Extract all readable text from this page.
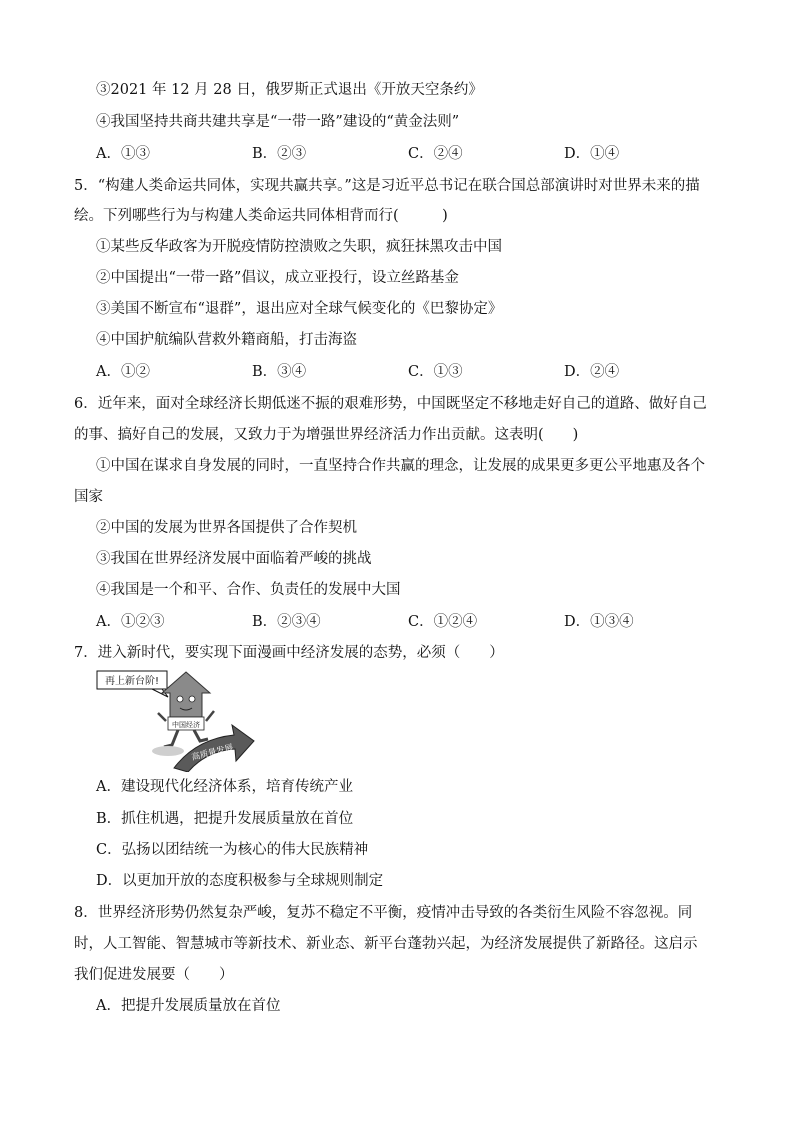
③2021 年 12 月 28 日，俄罗斯正式退出《开放天空条约》
④我国坚持共商共建共享是“一带一路”建设的“黄金法则”
A．①③	B．②③	C．②④	D．①④
5．“构建人类命运共同体，实现共赢共享。”这是习近平总书记在联合国总部演讲时对世界未来的描
绘。下列哪些行为与构建人类命运共同体相背而行(　　　)
①某些反华政客为开脱疫情防控溃败之失职，疯狂抹黑攻击中国
②中国提出“一带一路”倡议，成立亚投行，设立丝路基金
③美国不断宣布“退群”，退出应对全球气候变化的《巴黎协定》
④中国护航编队营救外籍商船，打击海盗
A．①②	B．③④	C．①③	D．②④
6．近年来，面对全球经济长期低迷不振的艰难形势，中国既坚定不移地走好自己的道路、做好自己
的事、搞好自己的发展，又致力于为增强世界经济活力作出贡献。这表明(　　)
①中国在谋求自身发展的同时，一直坚持合作共赢的理念，让发展的成果更多更公平地惠及各个
国家
②中国的发展为世界各国提供了合作契机
③我国在世界经济发展中面临着严峻的挑战
④我国是一个和平、合作、负责任的发展中大国
A．①②③	B．②③④	C．①②④	D．①③④
7．进入新时代，要实现下面漫画中经济发展的态势，必须（　　）
再上新台阶!
中国经济
高质量发展
A．建设现代化经济体系，培育传统产业
B．抓住机遇，把提升发展质量放在首位
C．弘扬以团结统一为核心的伟大民族精神
D．以更加开放的态度积极参与全球规则制定
8．世界经济形势仍然复杂严峻，复苏不稳定不平衡，疫情冲击导致的各类衍生风险不容忽视。同
时，人工智能、智慧城市等新技术、新业态、新平台蓬勃兴起，为经济发展提供了新路径。这启示
我们促进发展要（　　）
A．把提升发展质量放在首位
